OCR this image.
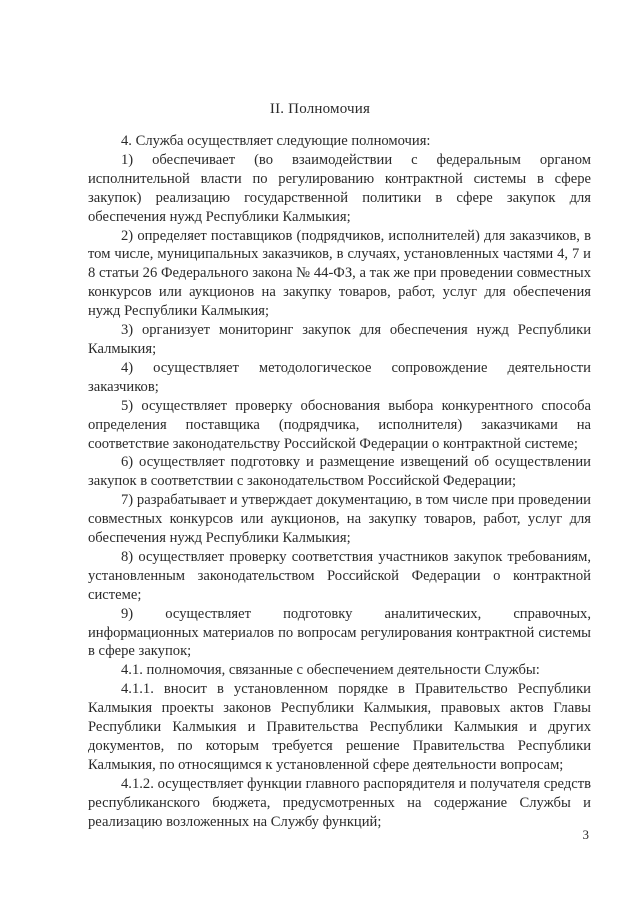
II. Полномочия

4. Служба осуществляет следующие полномочия:

1) обеспечивает (во взаимодействии с федеральным органом исполнительной власти по регулированию контрактной системы в сфере закупок) реализацию государственной политики в сфере закупок для обеспечения нужд Республики Калмыкия;

2) определяет поставщиков (подрядчиков, исполнителей) для заказчиков, в том числе, муниципальных заказчиков, в случаях, установленных частями 4, 7 и 8 статьи 26 Федерального закона № 44-ФЗ, а так же при проведении совместных конкурсов или аукционов на закупку товаров, работ, услуг для обеспечения нужд Республики Калмыкия;

3) организует мониторинг закупок для обеспечения нужд Республики Калмыкия;

4) осуществляет методологическое сопровождение деятельности заказчиков;

5) осуществляет проверку обоснования выбора конкурентного способа определения поставщика (подрядчика, исполнителя) заказчиками на соответствие законодательству Российской Федерации о контрактной системе;

6) осуществляет подготовку и размещение извещений об осуществлении закупок в соответствии с законодательством Российской Федерации;

7) разрабатывает и утверждает документацию, в том числе при проведении совместных конкурсов или аукционов, на закупку товаров, работ, услуг для обеспечения нужд Республики Калмыкия;

8) осуществляет проверку соответствия участников закупок требованиям, установленным законодательством Российской Федерации о контрактной системе;

9) осуществляет подготовку аналитических, справочных, информационных материалов по вопросам регулирования контрактной системы в сфере закупок;

4.1. полномочия, связанные с обеспечением деятельности Службы:

4.1.1. вносит в установленном порядке в Правительство Республики Калмыкия проекты законов Республики Калмыкия, правовых актов Главы Республики Калмыкия и Правительства Республики Калмыкия и других документов, по которым требуется решение Правительства Республики Калмыкия, по относящимся к установленной сфере деятельности вопросам;

4.1.2. осуществляет функции главного распорядителя и получателя средств республиканского бюджета, предусмотренных на содержание Службы и реализацию возложенных на Службу функций;

3
